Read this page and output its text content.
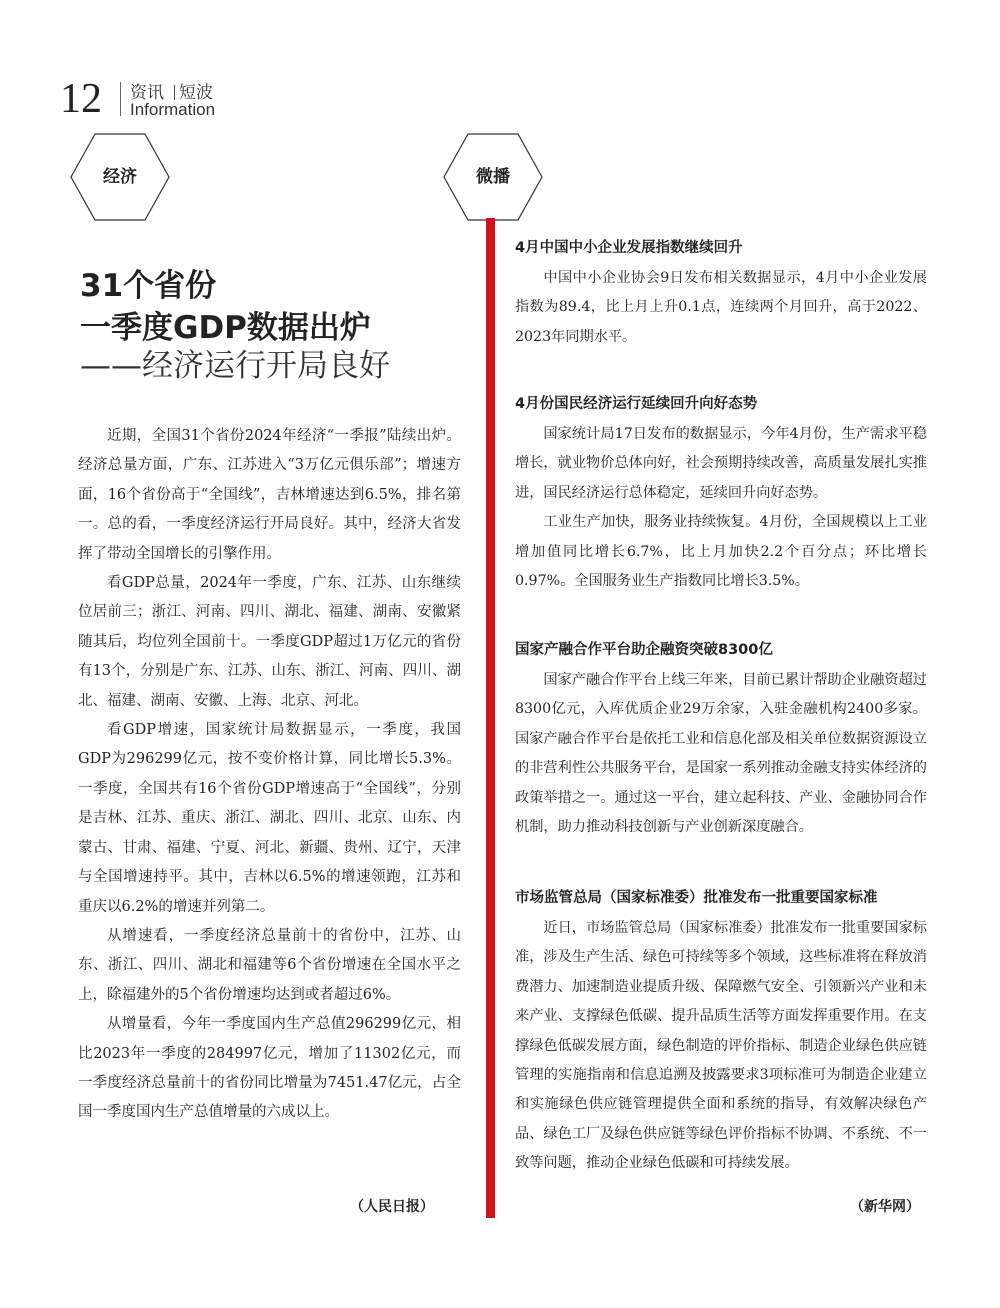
12 资讯 短波
Information
经济	微播
31个省份
一季度GDP数据出炉
——经济运行开局良好

近期，全国31个省份2024年经济“一季报”陆续出炉。经济总量方面，广东、江苏进入“3万亿元俱乐部”；增速方面，16个省份高于“全国线”，吉林增速达到6.5%，排名第一。总的看，一季度经济运行开局良好。其中，经济大省发挥了带动全国增长的引擎作用。

看GDP总量，2024年一季度，广东、江苏、山东继续位居前三；浙江、河南、四川、湖北、福建、湖南、安徽紧随其后，均位列全国前十。一季度GDP超过1万亿元的省份有13个，分别是广东、江苏、山东、浙江、河南、四川、湖北、福建、湖南、安徽、上海、北京、河北。

看GDP增速，国家统计局数据显示，一季度，我国GDP为296299亿元，按不变价格计算，同比增长5.3%。一季度，全国共有16个省份GDP增速高于“全国线”，分别是吉林、江苏、重庆、浙江、湖北、四川、北京、山东、内蒙古、甘肃、福建、宁夏、河北、新疆、贵州、辽宁，天津与全国增速持平。其中，吉林以6.5%的增速领跑，江苏和重庆以6.2%的增速并列第二。

从增速看，一季度经济总量前十的省份中，江苏、山东、浙江、四川、湖北和福建等6个省份增速在全国水平之上，除福建外的5个省份增速均达到或者超过6%。

从增量看，今年一季度国内生产总值296299亿元，相比2023年一季度的284997亿元，增加了11302亿元，而一季度经济总量前十的省份同比增量为7451.47亿元，占全国一季度国内生产总值增量的六成以上。

（人民日报）
4月中国中小企业发展指数继续回升

中国中小企业协会9日发布相关数据显示，4月中小企业发展指数为89.4，比上月上升0.1点，连续两个月回升，高于2022、2023年同期水平。

4月份国民经济运行延续回升向好态势

国家统计局17日发布的数据显示，今年4月份，生产需求平稳增长，就业物价总体向好，社会预期持续改善，高质量发展扎实推进，国民经济运行总体稳定，延续回升向好态势。

工业生产加快，服务业持续恢复。4月份，全国规模以上工业增加值同比增长6.7%，比上月加快2.2个百分点；环比增长0.97%。全国服务业生产指数同比增长3.5%。

国家产融合作平台助企融资突破8300亿

国家产融合作平台上线三年来，目前已累计帮助企业融资超过8300亿元，入库优质企业29万余家，入驻金融机构2400多家。国家产融合作平台是依托工业和信息化部及相关单位数据资源设立的非营利性公共服务平台，是国家一系列推动金融支持实体经济的政策举措之一。通过这一平台，建立起科技、产业、金融协同合作机制，助力推动科技创新与产业创新深度融合。

市场监管总局（国家标准委）批准发布一批重要国家标准

近日，市场监管总局（国家标准委）批准发布一批重要国家标准，涉及生产生活、绿色可持续等多个领域，这些标准将在释放消费潜力、加速制造业提质升级、保障燃气安全、引领新兴产业和未来产业、支撑绿色低碳、提升品质生活等方面发挥重要作用。在支撑绿色低碳发展方面，绿色制造的评价指标、制造企业绿色供应链管理的实施指南和信息追溯及披露要求3项标准可为制造企业建立和实施绿色供应链管理提供全面和系统的指导，有效解决绿色产品、绿色工厂及绿色供应链等绿色评价指标不协调、不系统、不一致等问题，推动企业绿色低碳和可持续发展。

（新华网）
